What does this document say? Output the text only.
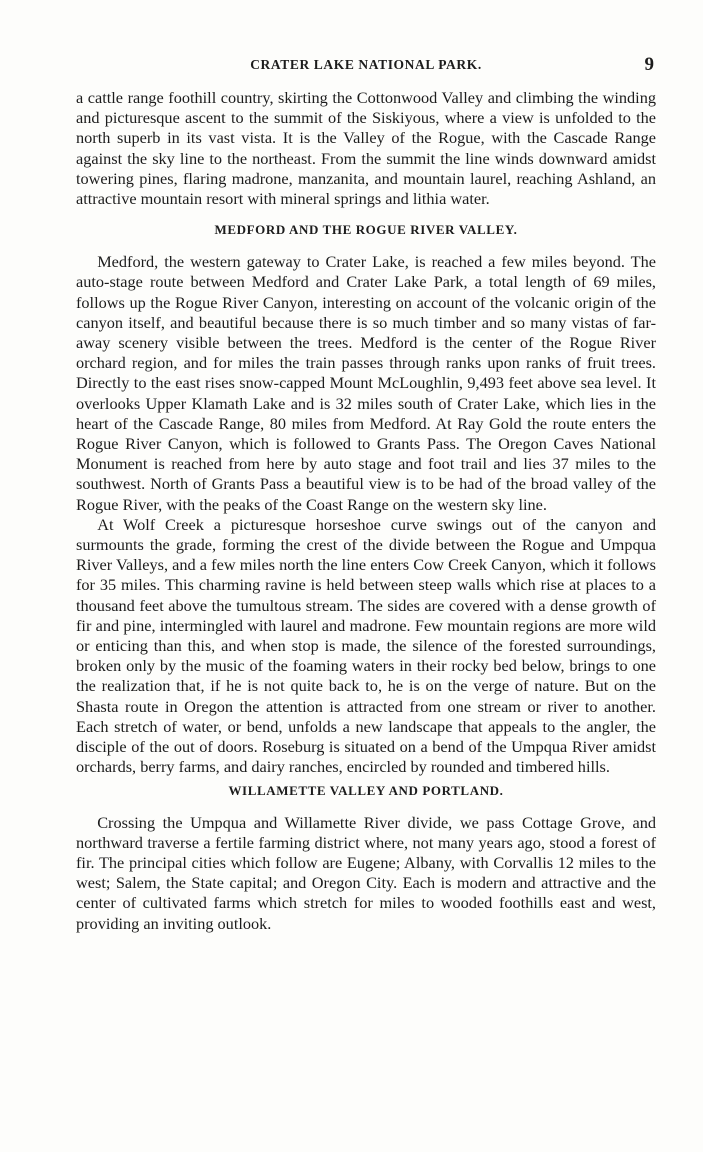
CRATER LAKE NATIONAL PARK.	9

a cattle range foothill country, skirting the Cottonwood Valley and climbing the winding and picturesque ascent to the summit of the Siskiyous, where a view is unfolded to the north superb in its vast vista. It is the Valley of the Rogue, with the Cascade Range against the sky line to the northeast. From the summit the line winds downward amidst towering pines, flaring madrone, manzanita, and mountain laurel, reaching Ashland, an attractive mountain resort with mineral springs and lithia water.

MEDFORD AND THE ROGUE RIVER VALLEY.

Medford, the western gateway to Crater Lake, is reached a few miles beyond. The auto-stage route between Medford and Crater Lake Park, a total length of 69 miles, follows up the Rogue River Canyon, interesting on account of the volcanic origin of the canyon itself, and beautiful because there is so much timber and so many vistas of far-away scenery visible between the trees. Medford is the center of the Rogue River orchard region, and for miles the train passes through ranks upon ranks of fruit trees. Directly to the east rises snow-capped Mount McLoughlin, 9,493 feet above sea level. It overlooks Upper Klamath Lake and is 32 miles south of Crater Lake, which lies in the heart of the Cascade Range, 80 miles from Medford. At Ray Gold the route enters the Rogue River Canyon, which is followed to Grants Pass. The Oregon Caves National Monument is reached from here by auto stage and foot trail and lies 37 miles to the southwest. North of Grants Pass a beautiful view is to be had of the broad valley of the Rogue River, with the peaks of the Coast Range on the western sky line.

At Wolf Creek a picturesque horseshoe curve swings out of the canyon and surmounts the grade, forming the crest of the divide between the Rogue and Umpqua River Valleys, and a few miles north the line enters Cow Creek Canyon, which it follows for 35 miles. This charming ravine is held between steep walls which rise at places to a thousand feet above the tumultous stream. The sides are covered with a dense growth of fir and pine, intermingled with laurel and madrone. Few mountain regions are more wild or enticing than this, and when stop is made, the silence of the forested surroundings, broken only by the music of the foaming waters in their rocky bed below, brings to one the realization that, if he is not quite back to, he is on the verge of nature. But on the Shasta route in Oregon the attention is attracted from one stream or river to another. Each stretch of water, or bend, unfolds a new landscape that appeals to the angler, the disciple of the out of doors. Roseburg is situated on a bend of the Umpqua River amidst orchards, berry farms, and dairy ranches, encircled by rounded and timbered hills.

WILLAMETTE VALLEY AND PORTLAND.

Crossing the Umpqua and Willamette River divide, we pass Cottage Grove, and northward traverse a fertile farming district where, not many years ago, stood a forest of fir. The principal cities which follow are Eugene; Albany, with Corvallis 12 miles to the west; Salem, the State capital; and Oregon City. Each is modern and attractive and the center of cultivated farms which stretch for miles to wooded foothills east and west, providing an inviting outlook.
